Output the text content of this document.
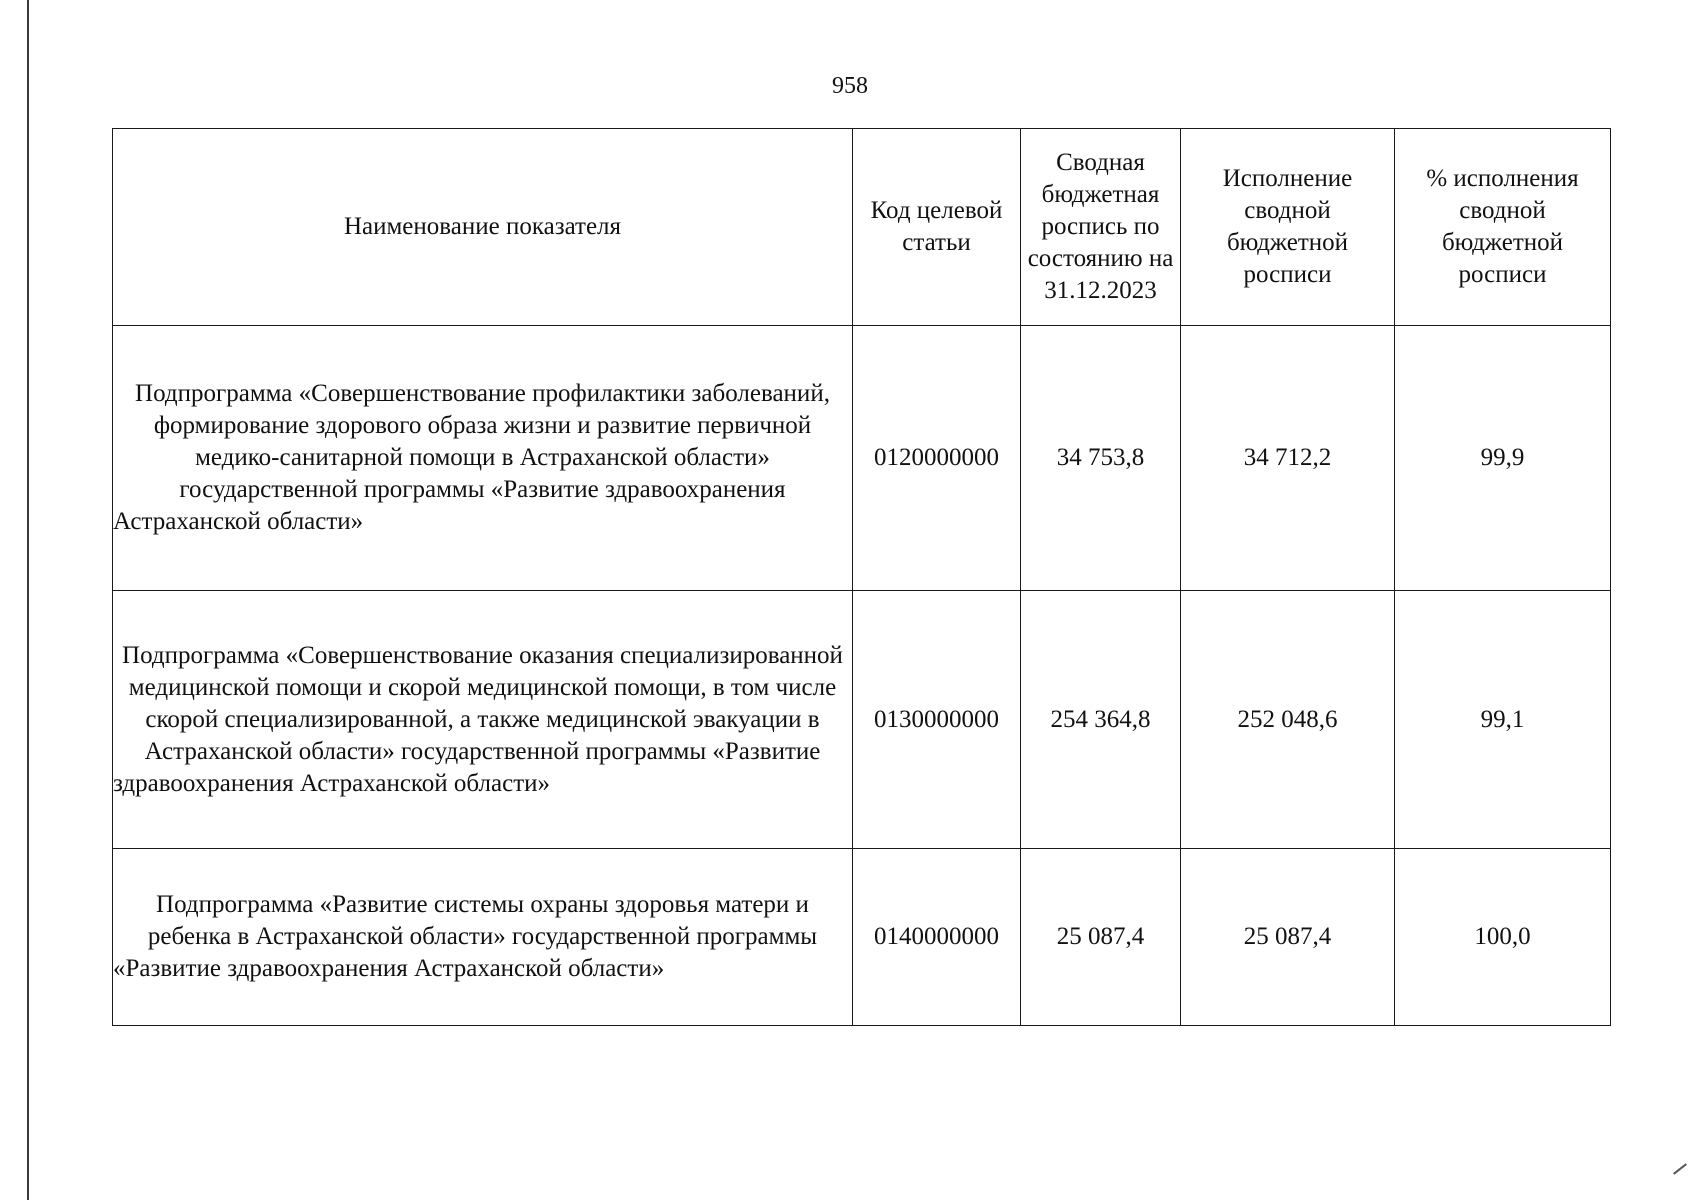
958
Наименование показателя	Код целевой статьи	Сводная бюджетная роспись по состоянию на 31.12.2023	Исполнение сводной бюджетной росписи	% исполнения сводной бюджетной росписи

Подпрограмма «Совершенствование профилактики заболеваний, формирование здорового образа жизни и развитие первичной медико-санитарной помощи в Астраханской области» государственной программы «Развитие здравоохранения Астраханской области»	0120000000	34 753,8	34 712,2	99,9
Подпрограмма «Совершенствование оказания специализированной медицинской помощи и скорой медицинской помощи, в том числе скорой специализированной, а также медицинской эвакуации в Астраханской области» государственной программы «Развитие здравоохранения Астраханской области»	0130000000	254 364,8	252 048,6	99,1
Подпрограмма «Развитие системы охраны здоровья матери и ребенка в Астраханской области» государственной программы «Развитие здравоохранения Астраханской области»	0140000000	25 087,4	25 087,4	100,0
